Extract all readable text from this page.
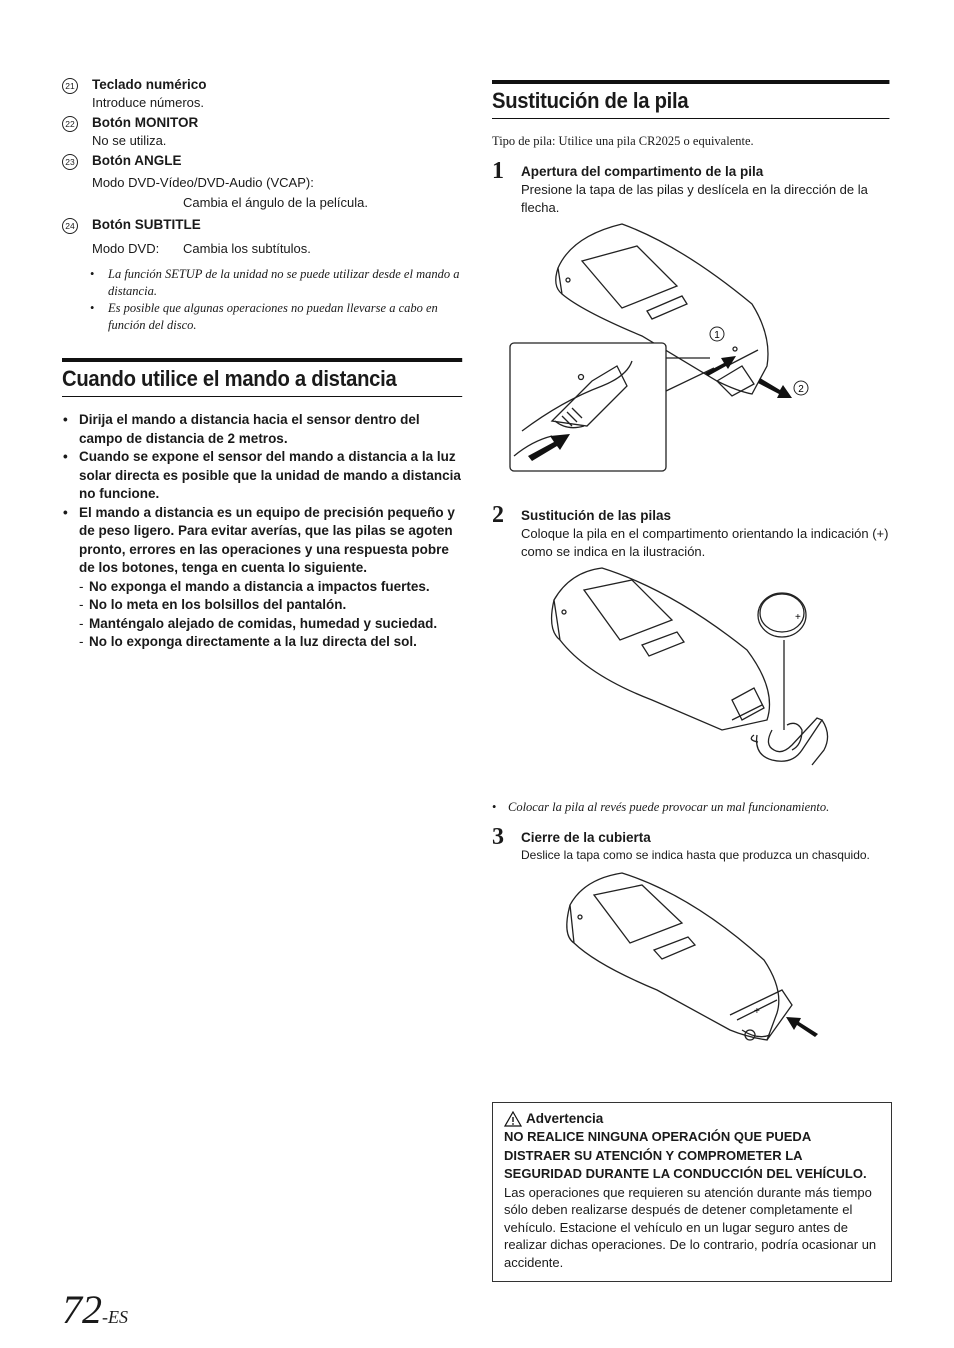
21 Teclado numérico
Introduce números.
22 Botón MONITOR
No se utiliza.
23 Botón ANGLE
Modo DVD-Vídeo/DVD-Audio (VCAP):
Cambia el ángulo de la película.
24 Botón SUBTITLE
Modo DVD:	Cambia los subtítulos.
• La función SETUP de la unidad no se puede utilizar desde el mando a distancia.
• Es posible que algunas operaciones no puedan llevarse a cabo en función del disco.
Cuando utilice el mando a distancia
• Dirija el mando a distancia hacia el sensor dentro del campo de distancia de 2 metros.
• Cuando se expone el sensor del mando a distancia a la luz solar directa es posible que la unidad de mando a distancia no funcione.
• El mando a distancia es un equipo de precisión pequeño y de peso ligero. Para evitar averías, que las pilas se agoten pronto, errores en las operaciones y una respuesta pobre de los botones, tenga en cuenta lo siguiente.
- No exponga el mando a distancia a impactos fuertes.
- No lo meta en los bolsillos del pantalón.
- Manténgalo alejado de comidas, humedad y suciedad.
- No lo exponga directamente a la luz directa del sol.
Sustitución de la pila
Tipo de pila: Utilice una pila CR2025 o equivalente.
1 Apertura del compartimento de la pila
Presione la tapa de las pilas y deslícela en la dirección de la flecha.
1
2
2 Sustitución de las pilas
Coloque la pila en el compartimento orientando la indicación (+) como se indica en la ilustración.
+
• Colocar la pila al revés puede provocar un mal funcionamiento.
3 Cierre de la cubierta
Deslice la tapa como se indica hasta que produzca un chasquido.
+
Advertencia
NO REALICE NINGUNA OPERACIÓN QUE PUEDA DISTRAER SU ATENCIÓN Y COMPROMETER LA SEGURIDAD DURANTE LA CONDUCCIÓN DEL VEHÍCULO.
Las operaciones que requieren su atención durante más tiempo sólo deben realizarse después de detener completamente el vehículo. Estacione el vehículo en un lugar seguro antes de realizar dichas operaciones. De lo contrario, podría ocasionar un accidente.
72-ES
